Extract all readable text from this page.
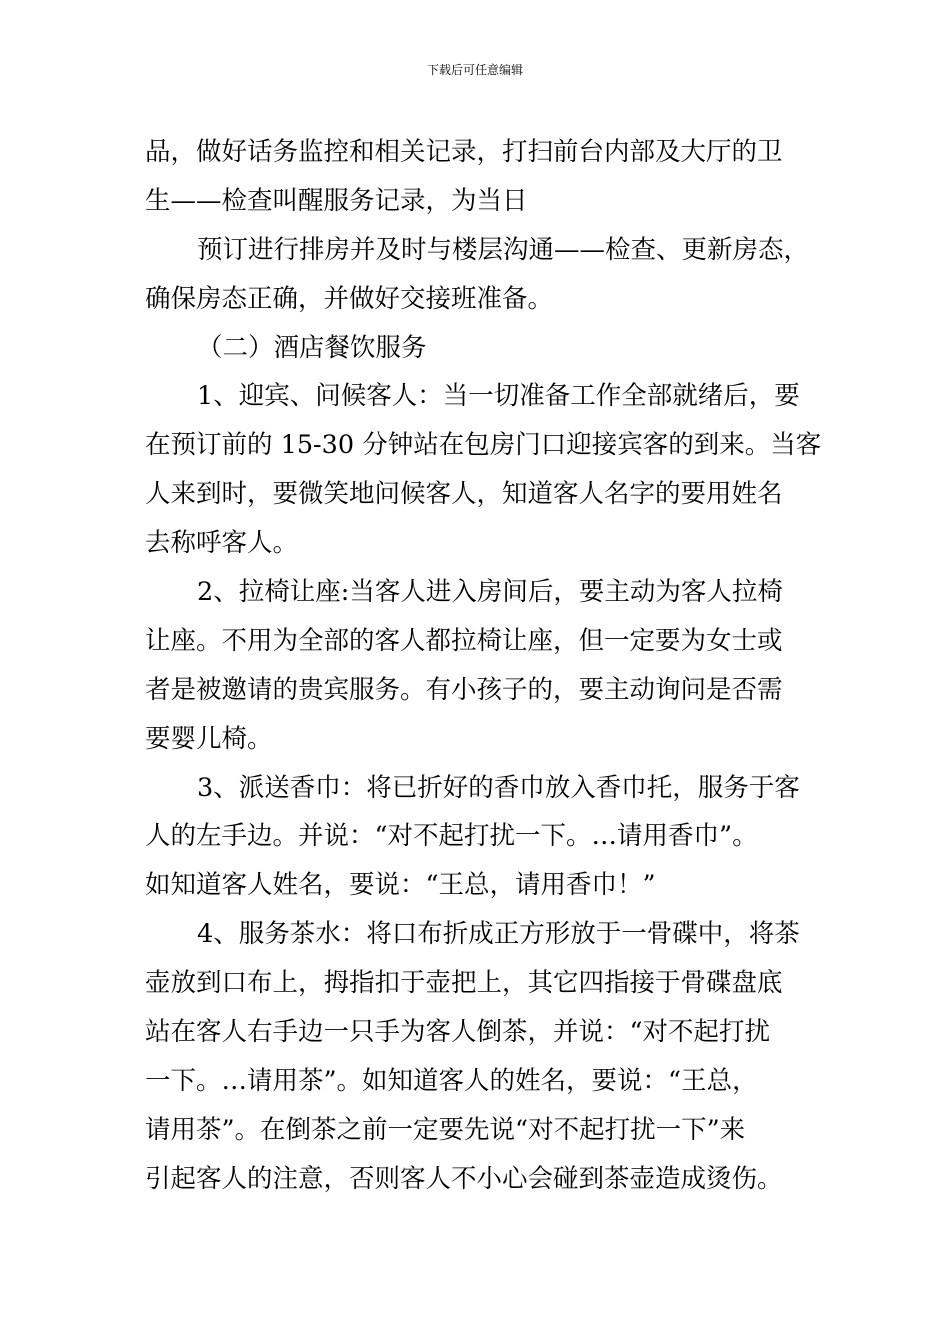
下载后可任意编辑
品，做好话务监控和相关记录，打扫前台内部及大厅的卫
生——检查叫醒服务记录，为当日
预订进行排房并及时与楼层沟通——检查、更新房态，
确保房态正确，并做好交接班准备。
（二）酒店餐饮服务
1、迎宾、问候客人：当一切准备工作全部就绪后，要
在预订前的 15-30 分钟站在包房门口迎接宾客的到来。当客
人来到时，要微笑地问候客人，知道客人名字的要用姓名
去称呼客人。
2、拉椅让座:当客人进入房间后，要主动为客人拉椅
让座。不用为全部的客人都拉椅让座，但一定要为女士或
者是被邀请的贵宾服务。有小孩子的，要主动询问是否需
要婴儿椅。
3、派送香巾：将已折好的香巾放入香巾托，服务于客
人的左手边。并说：“对不起打扰一下。…请用香巾”。
如知道客人姓名，要说：“王总，请用香巾！”
4、服务茶水：将口布折成正方形放于一骨碟中，将茶
壶放到口布上，拇指扣于壶把上，其它四指接于骨碟盘底
站在客人右手边一只手为客人倒茶，并说：“对不起打扰
一下。…请用茶”。如知道客人的姓名，要说：“王总，
请用茶”。在倒茶之前一定要先说“对不起打扰一下”来
引起客人的注意，否则客人不小心会碰到茶壶造成烫伤。
